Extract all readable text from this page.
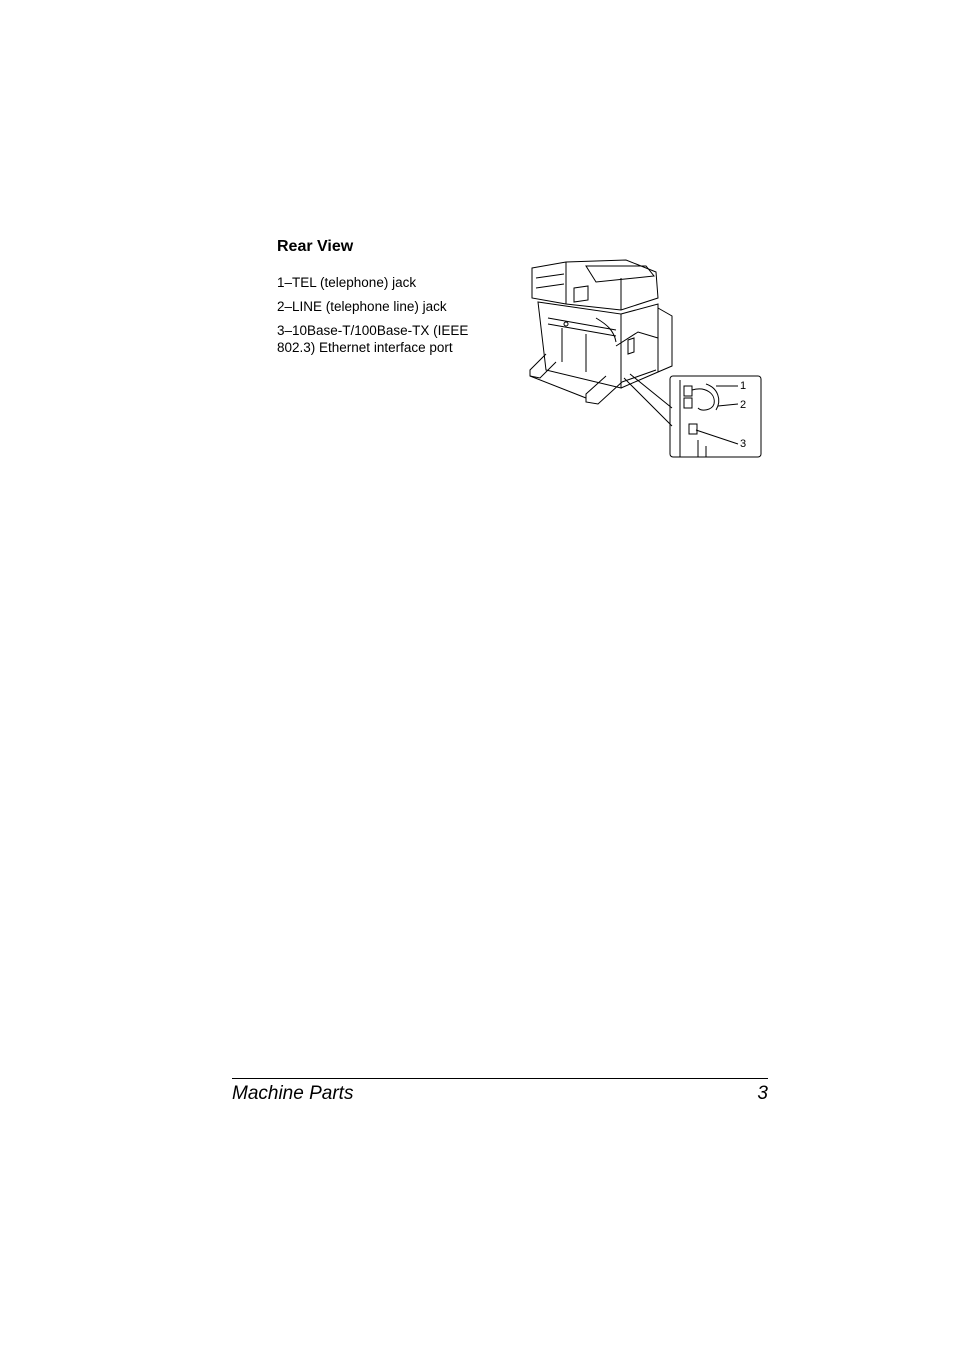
Rear View
1–TEL (telephone) jack
2–LINE (telephone line) jack
3–10Base-T/100Base-TX (IEEE 802.3) Ethernet interface port
1
2
3
Machine Parts	3
